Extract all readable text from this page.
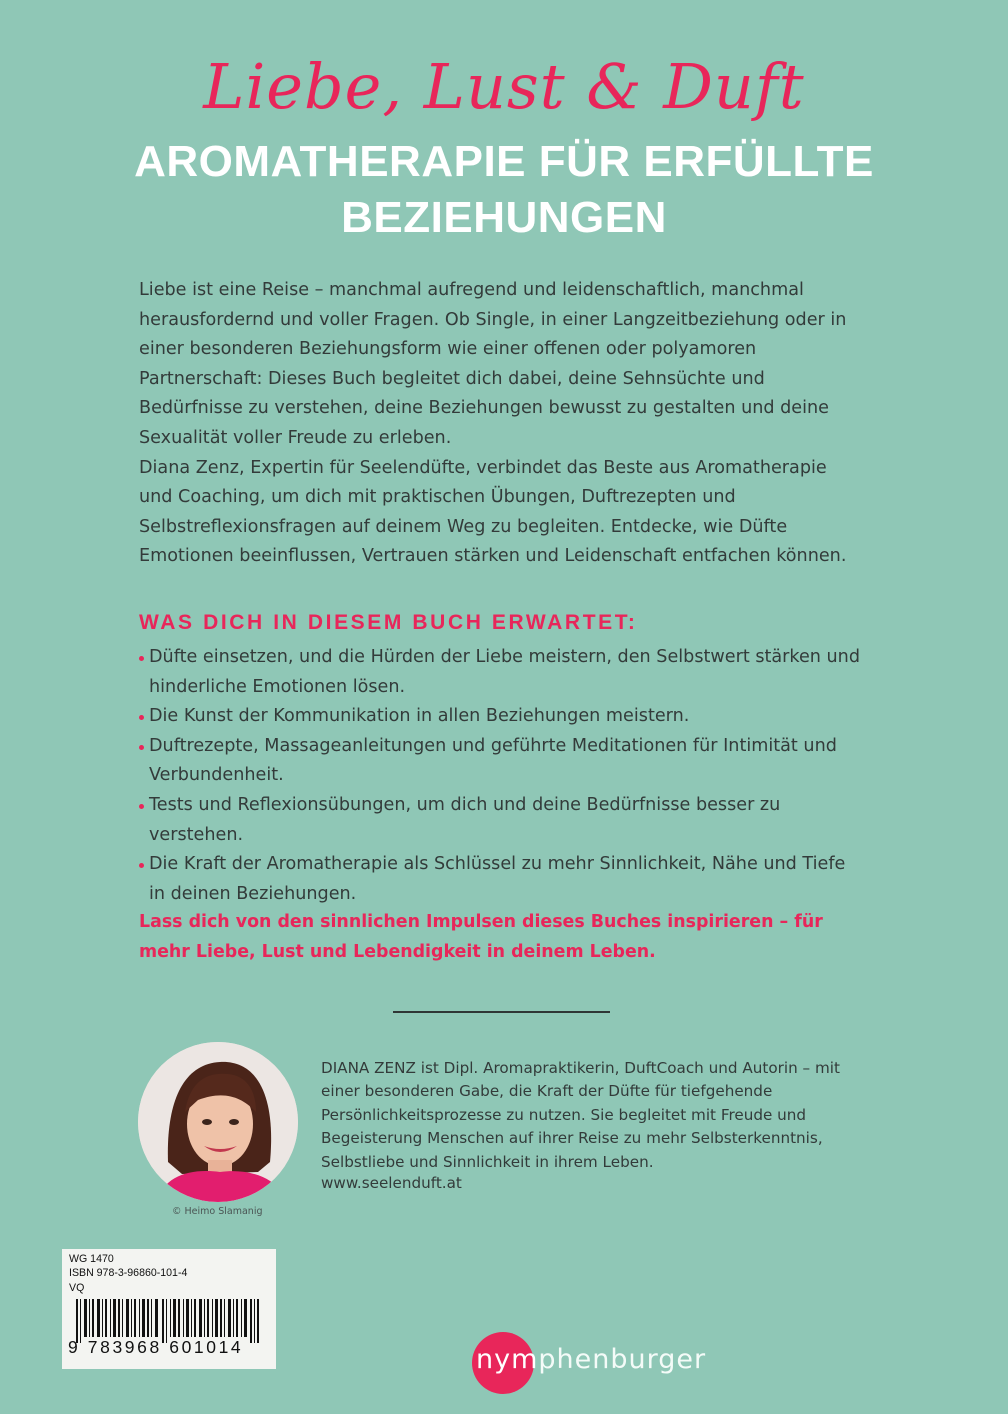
Liebe, Lust & Duft
AROMATHERAPIE FÜR ERFÜLLTE
BEZIEHUNGEN

Liebe ist eine Reise – manchmal aufregend und leidenschaftlich, manchmal herausfordernd und voller Fragen. Ob Single, in einer Langzeitbeziehung oder in einer besonderen Beziehungsform wie einer offenen oder polyamoren Partnerschaft: Dieses Buch begleitet dich dabei, deine Sehnsüchte und Bedürfnisse zu verstehen, deine Beziehungen bewusst zu gestalten und deine Sexualität voller Freude zu erleben.

Diana Zenz, Expertin für Seelendüfte, verbindet das Beste aus Aromatherapie und Coaching, um dich mit praktischen Übungen, Duftrezepten und Selbstreflexionsfragen auf deinem Weg zu begleiten. Entdecke, wie Düfte Emotionen beeinflussen, Vertrauen stärken und Leidenschaft entfachen können.

WAS DICH IN DIESEM BUCH ERWARTET:
Düfte einsetzen, und die Hürden der Liebe meistern, den Selbstwert stärken und hinderliche Emotionen lösen.
Die Kunst der Kommunikation in allen Beziehungen meistern.
Duftrezepte, Massageanleitungen und geführte Meditationen für Intimität und Verbundenheit.
Tests und Reflexionsübungen, um dich und deine Bedürfnisse besser zu verstehen.
Die Kraft der Aromatherapie als Schlüssel zu mehr Sinnlichkeit, Nähe und Tiefe in deinen Beziehungen.
Lass dich von den sinnlichen Impulsen dieses Buches inspirieren – für mehr Liebe, Lust und Lebendigkeit in deinem Leben.
© Heimo Slamanig
DIANA ZENZ ist Dipl. Aromapraktikerin, DuftCoach und Autorin – mit einer besonderen Gabe, die Kraft der Düfte für tiefgehende Persönlichkeitsprozesse zu nutzen. Sie begleitet mit Freude und Begeisterung Menschen auf ihrer Reise zu mehr Selbsterkenntnis, Selbstliebe und Sinnlichkeit in ihrem Leben.
www.seelenduft.at
WG 1470
ISBN 978-3-96860-101-4
VQ
9 783968 601014	nymphenburger
